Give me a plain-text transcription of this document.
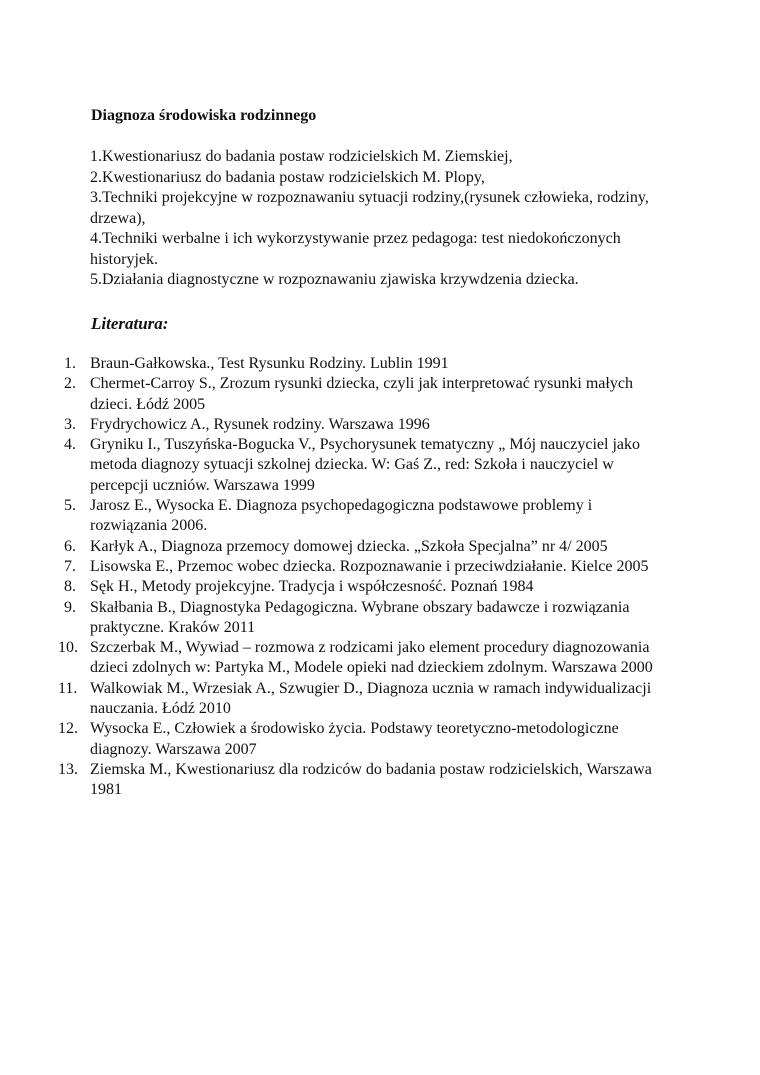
Diagnoza środowiska rodzinnego
1.Kwestionariusz do badania postaw rodzicielskich M. Ziemskiej,
2.Kwestionariusz do badania postaw rodzicielskich M. Plopy,
3.Techniki projekcyjne w rozpoznawaniu sytuacji rodziny,(rysunek człowieka, rodziny, drzewa),
4.Techniki werbalne i ich wykorzystywanie przez pedagoga: test niedokończonych historyjek.
5.Działania diagnostyczne w rozpoznawaniu zjawiska krzywdzenia dziecka.
Literatura:
1. Braun-Gałkowska., Test Rysunku Rodziny. Lublin 1991
2. Chermet-Carroy S., Zrozum rysunki dziecka, czyli jak interpretować rysunki małych dzieci. Łódź 2005
3. Frydrychowicz A., Rysunek rodziny. Warszawa 1996
4. Gryniku I., Tuszyńska-Bogucka V., Psychorysunek tematyczny „ Mój nauczyciel jako metoda diagnozy sytuacji szkolnej dziecka. W: Gaś Z., red: Szkoła i nauczyciel w percepcji uczniów. Warszawa 1999
5. Jarosz E., Wysocka E. Diagnoza psychopedagogiczna podstawowe problemy i rozwiązania 2006.
6. Karłyk A., Diagnoza przemocy domowej dziecka. „Szkoła Specjalna” nr 4/ 2005
7. Lisowska E., Przemoc wobec dziecka. Rozpoznawanie i przeciwdziałanie. Kielce 2005
8. Sęk H., Metody projekcyjne. Tradycja i współczesność. Poznań 1984
9. Skałbania B., Diagnostyka Pedagogiczna. Wybrane obszary badawcze i rozwiązania praktyczne. Kraków 2011
10. Szczerbak M., Wywiad – rozmowa z rodzicami jako element procedury diagnozowania dzieci zdolnych w: Partyka M., Modele opieki nad dzieckiem zdolnym. Warszawa 2000
11. Walkowiak M., Wrzesiak A., Szwugier D., Diagnoza ucznia w ramach indywidualizacji nauczania. Łódź 2010
12. Wysocka E., Człowiek a środowisko życia. Podstawy teoretyczno-metodologiczne diagnozy. Warszawa 2007
13. Ziemska M., Kwestionariusz dla rodziców do badania postaw rodzicielskich, Warszawa 1981
